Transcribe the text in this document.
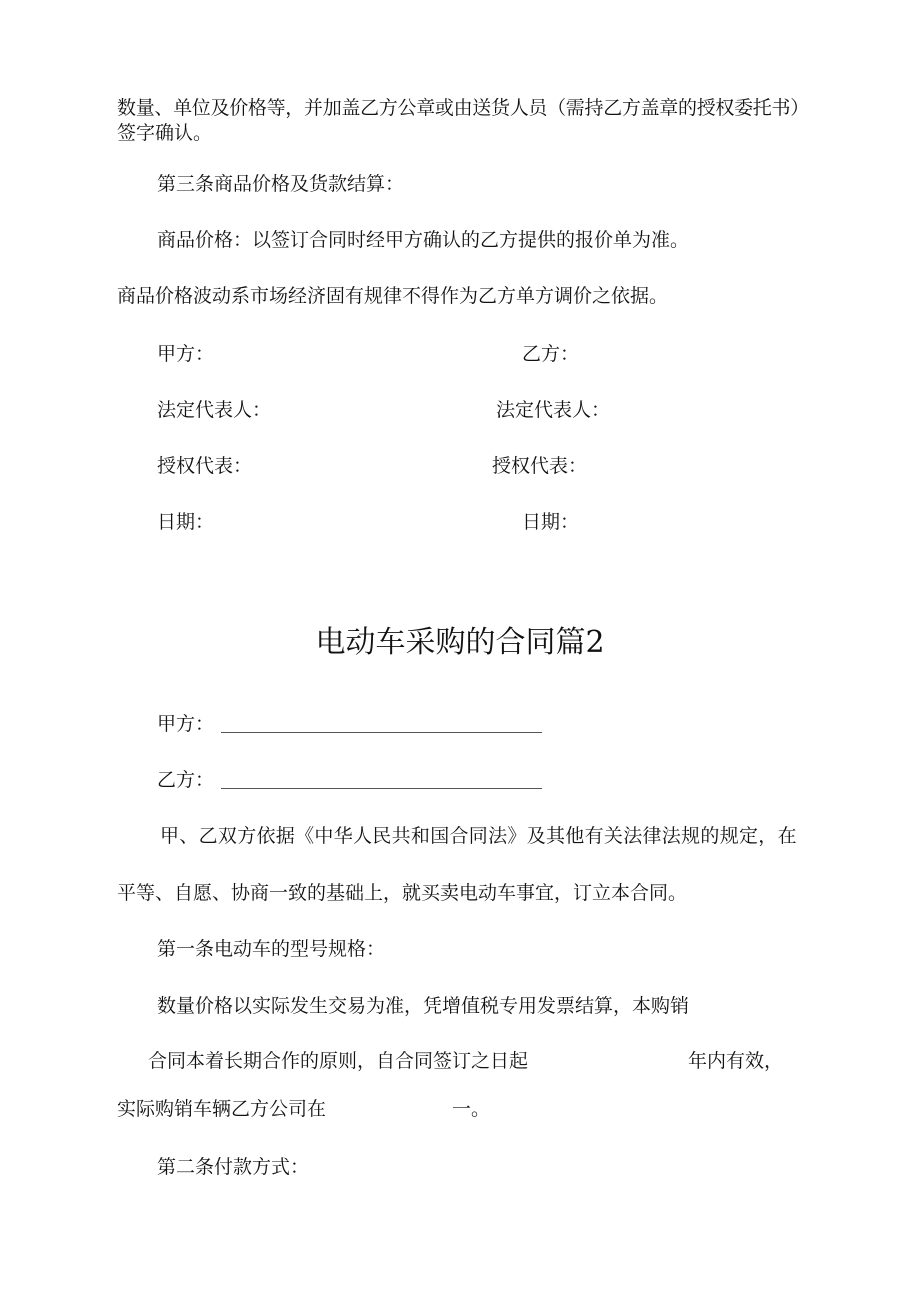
数量、单位及价格等，并加盖乙方公章或由送货人员（需持乙方盖章的授权委托书）
签字确认。
第三条商品价格及货款结算：
商品价格：以签订合同时经甲方确认的乙方提供的报价单为准。
商品价格波动系市场经济固有规律不得作为乙方单方调价之依据。
甲方：	乙方：
法定代表人：	法定代表人：
授权代表：	授权代表：
日期：	日期：
电动车采购的合同篇2
甲方：
乙方：
甲、乙双方依据《中华人民共和国合同法》及其他有关法律法规的规定，在
平等、自愿、协商一致的基础上，就买卖电动车事宜，订立本合同。
第一条电动车的型号规格：
数量价格以实际发生交易为准，凭增值税专用发票结算，本购销
合同本着长期合作的原则，自合同签订之日起	年内有效，
实际购销车辆乙方公司在	一。
第二条付款方式：
